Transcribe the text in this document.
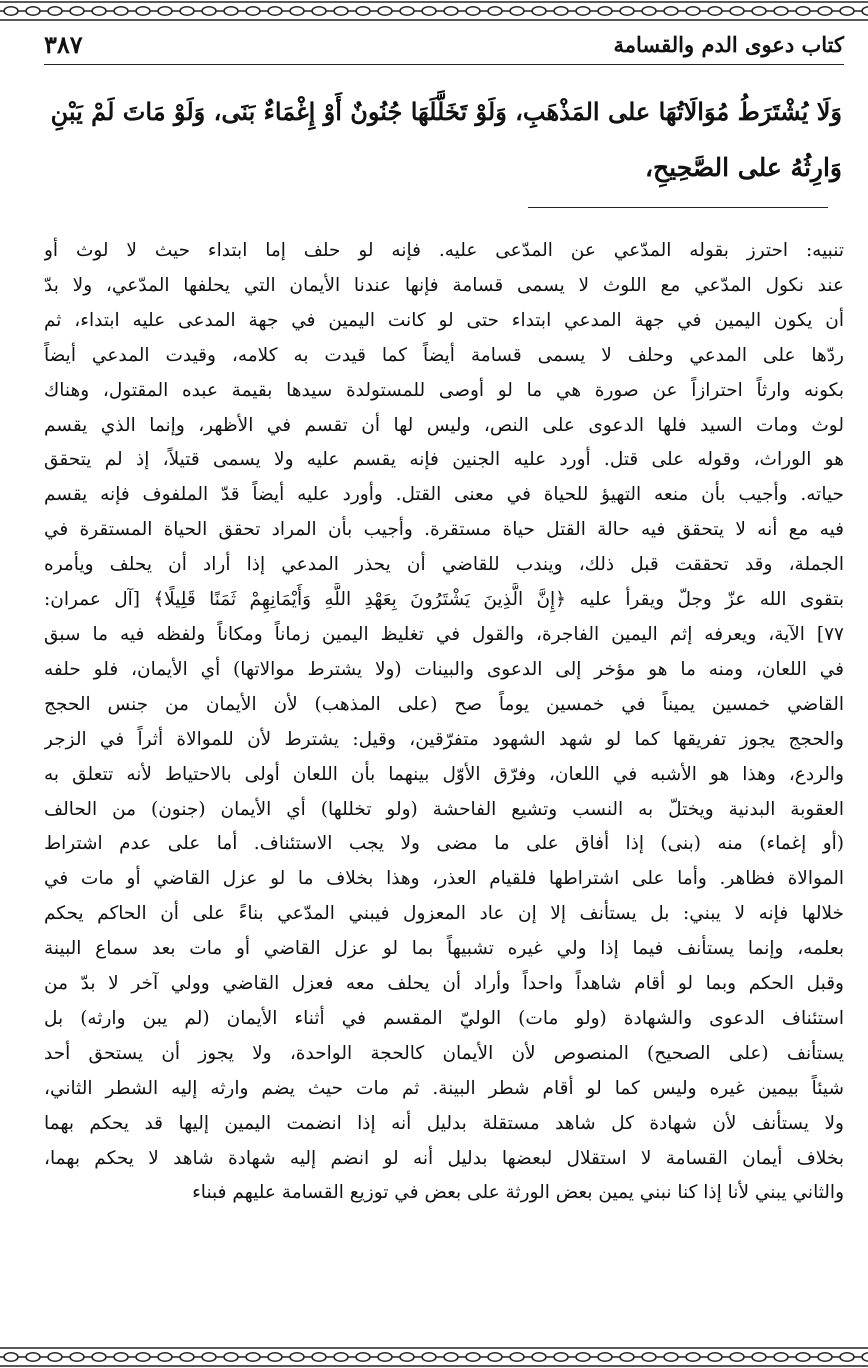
كتاب دعوى الدم والقسامة
٣٨٧
وَلَا يُشْتَرَطُ مُوَالَاتُهَا على المَذْهَبِ، وَلَوْ تَخَلَّلَهَا جُنُونٌ أَوْ إِغْمَاءٌ بَنَى، وَلَوْ مَاتَ لَمْ يَبْنِ
وَارِثُهُ على الصَّحِيحِ،
تنبيه: احترز بقوله المدّعي عن المدّعى عليه. فإنه لو حلف إما ابتداء حيث لا لوث أو
عند نكول المدّعي مع اللوث لا يسمى قسامة فإنها عندنا الأيمان التي يحلفها المدّعي، ولا بدّ
أن يكون اليمين في جهة المدعي ابتداء حتى لو كانت اليمين في جهة المدعى عليه ابتداء، ثم
ردّها على المدعي وحلف لا يسمى قسامة أيضاً كما قيدت به كلامه، وقيدت المدعي أيضاً
بكونه وارثاً احترازاً عن صورة هي ما لو أوصى للمستولدة سيدها بقيمة عبده المقتول، وهناك
لوث ومات السيد فلها الدعوى على النص، وليس لها أن تقسم في الأظهر، وإنما الذي يقسم
هو الوراث، وقوله على قتل. أورد عليه الجنين فإنه يقسم عليه ولا يسمى قتيلاً، إذ لم يتحقق
حياته. وأجيب بأن منعه التهيؤ للحياة في معنى القتل. وأورد عليه أيضاً قدّ الملفوف فإنه يقسم
فيه مع أنه لا يتحقق فيه حالة القتل حياة مستقرة. وأجيب بأن المراد تحقق الحياة المستقرة في
الجملة، وقد تحققت قبل ذلك، ويندب للقاضي أن يحذر المدعي إذا أراد أن يحلف ويأمره
بتقوى الله عزّ وجلّ ويقرأ عليه ﴿إِنَّ الَّذِينَ يَشْتَرُونَ بِعَهْدِ اللَّهِ وَأَيْمَانِهِمْ ثَمَنًا قَلِيلًا﴾ [آل عمران:
٧٧] الآية، ويعرفه إثم اليمين الفاجرة، والقول في تغليظ اليمين زماناً ومكاناً ولفظه فيه ما سبق
في اللعان، ومنه ما هو مؤخر إلى الدعوى والبينات (ولا يشترط موالاتها) أي الأيمان، فلو حلفه
القاضي خمسين يميناً في خمسين يوماً صح (على المذهب) لأن الأيمان من جنس الحجج
والحجج يجوز تفريقها كما لو شهد الشهود متفرّقين، وقيل: يشترط لأن للموالاة أثراً في الزجر
والردع، وهذا هو الأشبه في اللعان، وفرّق الأوّل بينهما بأن اللعان أولى بالاحتياط لأنه تتعلق به
العقوبة البدنية ويختلّ به النسب وتشيع الفاحشة (ولو تخللها) أي الأيمان (جنون) من الحالف
(أو إغماء) منه (بنى) إذا أفاق على ما مضى ولا يجب الاستئناف. أما على عدم اشتراط
الموالاة فظاهر. وأما على اشتراطها فلقيام العذر، وهذا بخلاف ما لو عزل القاضي أو مات في
خلالها فإنه لا يبني: بل يستأنف إلا إن عاد المعزول فيبني المدّعي بناءً على أن الحاكم يحكم
بعلمه، وإنما يستأنف فيما إذا ولي غيره تشبيهاً بما لو عزل القاضي أو مات بعد سماع البينة
وقبل الحكم وبما لو أقام شاهداً واحداً وأراد أن يحلف معه فعزل القاضي وولي آخر لا بدّ من
استئناف الدعوى والشهادة (ولو مات) الوليّ المقسم في أثناء الأيمان (لم يبن وارثه) بل
يستأنف (على الصحيح) المنصوص لأن الأيمان كالحجة الواحدة، ولا يجوز أن يستحق أحد
شيئاً بيمين غيره وليس كما لو أقام شطر البينة. ثم مات حيث يضم وارثه إليه الشطر الثاني،
ولا يستأنف لأن شهادة كل شاهد مستقلة بدليل أنه إذا انضمت اليمين إليها قد يحكم بهما
بخلاف أيمان القسامة لا استقلال لبعضها بدليل أنه لو انضم إليه شهادة شاهد لا يحكم بهما،
والثاني يبني لأنا إذا كنا نبني يمين بعض الورثة على بعض في توزيع القسامة عليهم فبناء
